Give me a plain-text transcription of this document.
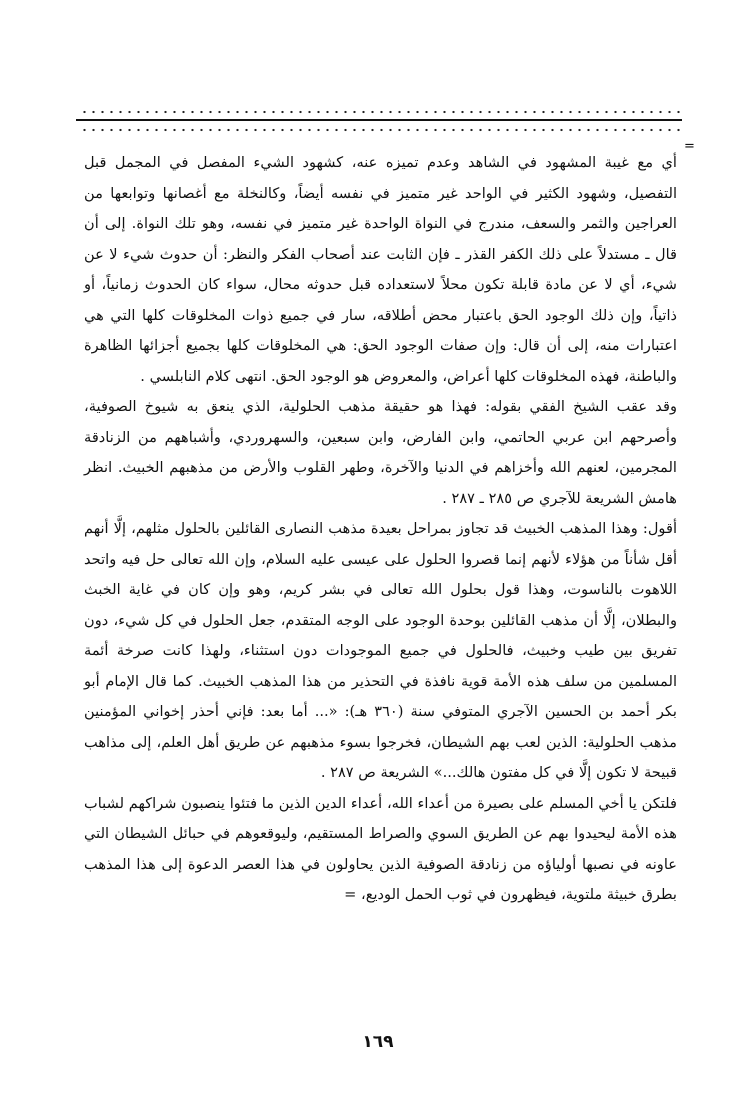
=

أي مع غيبة المشهود في الشاهد وعدم تميزه عنه، كشهود الشيء المفصل في المجمل قبل التفصيل، وشهود الكثير في الواحد غير متميز في نفسه أيضاً، وكالنخلة مع أغصانها وتوابعها من العراجين والثمر والسعف، مندرج في النواة الواحدة غير متميز في نفسه، وهو تلك النواة. إلى أن قال ـ مستدلاً على ذلك الكفر القذر ـ فإن الثابت عند أصحاب الفكر والنظر: أن حدوث شيء لا عن شيء، أي لا عن مادة قابلة تكون محلاً لاستعداده قبل حدوثه محال، سواء كان الحدوث زمانياً، أو ذاتياً، وإن ذلك الوجود الحق باعتبار محض أطلاقه، سار في جميع ذوات المخلوقات كلها التي هي اعتبارات منه، إلى أن قال: وإن صفات الوجود الحق: هي المخلوقات كلها بجميع أجزائها الظاهرة والباطنة، فهذه المخلوقات كلها أعراض، والمعروض هو الوجود الحق. انتهى كلام النابلسي .

وقد عقب الشيخ الفقي بقوله: فهذا هو حقيقة مذهب الحلولية، الذي ينعق به شيوخ الصوفية، وأصرحهم ابن عربي الحاتمي، وابن الفارض، وابن سبعين، والسهروردي، وأشباههم من الزنادقة المجرمين، لعنهم الله وأخزاهم في الدنيا والآخرة، وطهر القلوب والأرض من مذهبهم الخبيث. انظر هامش الشريعة للآجري ص ٢٨٥ ـ ٢٨٧ .

أقول: وهذا المذهب الخبيث قد تجاوز بمراحل بعيدة مذهب النصارى القائلين بالحلول مثلهم، إلَّا أنهم أقل شأناً من هؤلاء لأنهم إنما قصروا الحلول على عيسى عليه السلام، وإن الله تعالى حل فيه واتحد اللاهوت بالناسوت، وهذا قول بحلول الله تعالى في بشر كريم، وهو وإن كان في غاية الخبث والبطلان، إلَّا أن مذهب القائلين بوحدة الوجود على الوجه المتقدم، جعل الحلول في كل شيء، دون تفريق بين طيب وخبيث، فالحلول في جميع الموجودات دون استثناء، ولهذا كانت صرخة أئمة المسلمين من سلف هذه الأمة قوية نافذة في التحذير من هذا المذهب الخبيث. كما قال الإمام أبو بكر أحمد بن الحسين الآجري المتوفي سنة (٣٦٠ هـ): «... أما بعد: فإني أحذر إخواني المؤمنين مذهب الحلولية: الذين لعب بهم الشيطان، فخرجوا بسوء مذهبهم عن طريق أهل العلم، إلى مذاهب قبيحة لا تكون إلَّا في كل مفتون هالك...» الشريعة ص ٢٨٧ .

فلتكن يا أخي المسلم على بصيرة من أعداء الله، أعداء الدين الذين ما فتئوا ينصبون شراكهم لشباب هذه الأمة ليحيدوا بهم عن الطريق السوي والصراط المستقيم، وليوقعوهم في حبائل الشيطان التي عاونه في نصبها أولياؤه من زنادقة الصوفية الذين يحاولون في هذا العصر الدعوة إلى هذا المذهب بطرق خبيثة ملتوية، فيظهرون في ثوب الحمل الوديع، =

١٦٩
